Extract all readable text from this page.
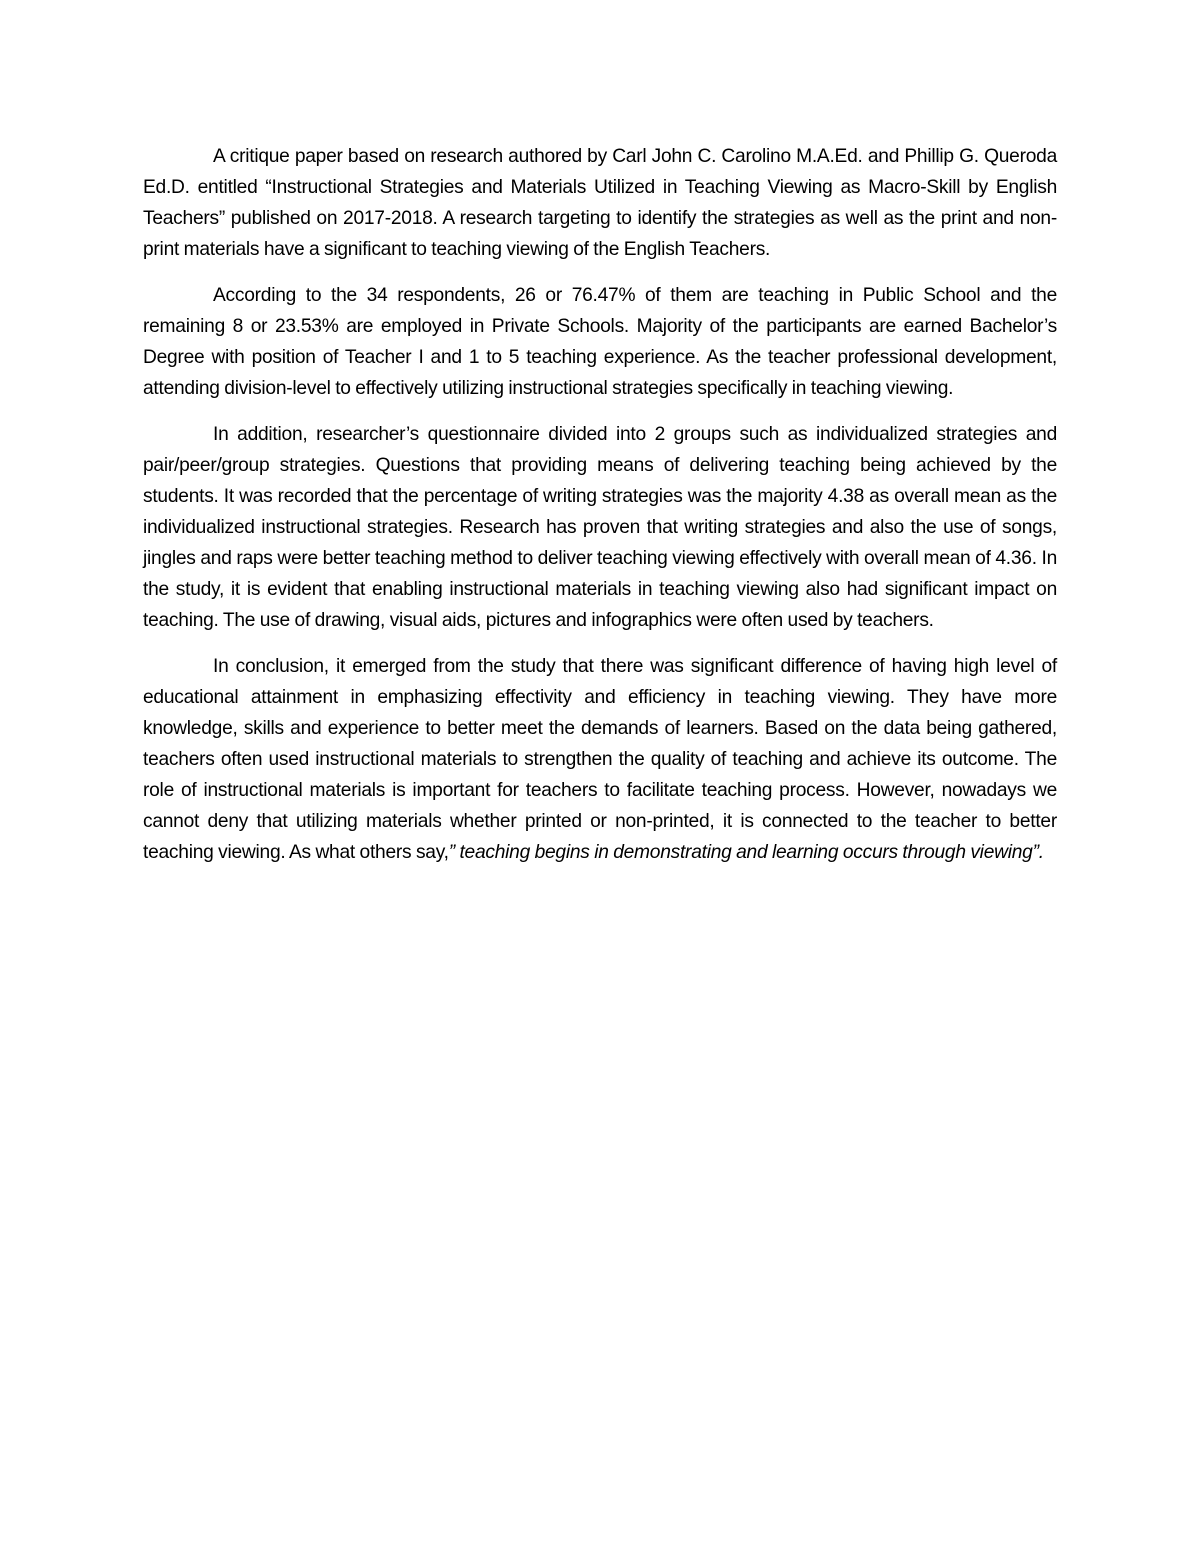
A critique paper based on research authored by Carl John C. Carolino M.A.Ed. and Phillip G. Queroda Ed.D. entitled “Instructional Strategies and Materials Utilized in Teaching Viewing as Macro-Skill by English Teachers” published on 2017-2018. A research targeting to identify the strategies as well as the print and non-print materials have a significant to teaching viewing of the English Teachers.

According to the 34 respondents, 26 or 76.47% of them are teaching in Public School and the remaining 8 or 23.53% are employed in Private Schools. Majority of the participants are earned Bachelor’s Degree with position of Teacher I and 1 to 5 teaching experience. As the teacher professional development, attending division-level to effectively utilizing instructional strategies specifically in teaching viewing.

In addition, researcher’s questionnaire divided into 2 groups such as individualized strategies and pair/peer/group strategies. Questions that providing means of delivering teaching being achieved by the students. It was recorded that the percentage of writing strategies was the majority 4.38 as overall mean as the individualized instructional strategies. Research has proven that writing strategies and also the use of songs, jingles and raps were better teaching method to deliver teaching viewing effectively with overall mean of 4.36. In the study, it is evident that enabling instructional materials in teaching viewing also had significant impact on teaching. The use of drawing, visual aids, pictures and infographics were often used by teachers.

In conclusion, it emerged from the study that there was significant difference of having high level of educational attainment in emphasizing effectivity and efficiency in teaching viewing. They have more knowledge, skills and experience to better meet the demands of learners. Based on the data being gathered, teachers often used instructional materials to strengthen the quality of teaching and achieve its outcome. The role of instructional materials is important for teachers to facilitate teaching process. However, nowadays we cannot deny that utilizing materials whether printed or non-printed, it is connected to the teacher to better teaching viewing. As what others say,” teaching begins in demonstrating and learning occurs through viewing”.
